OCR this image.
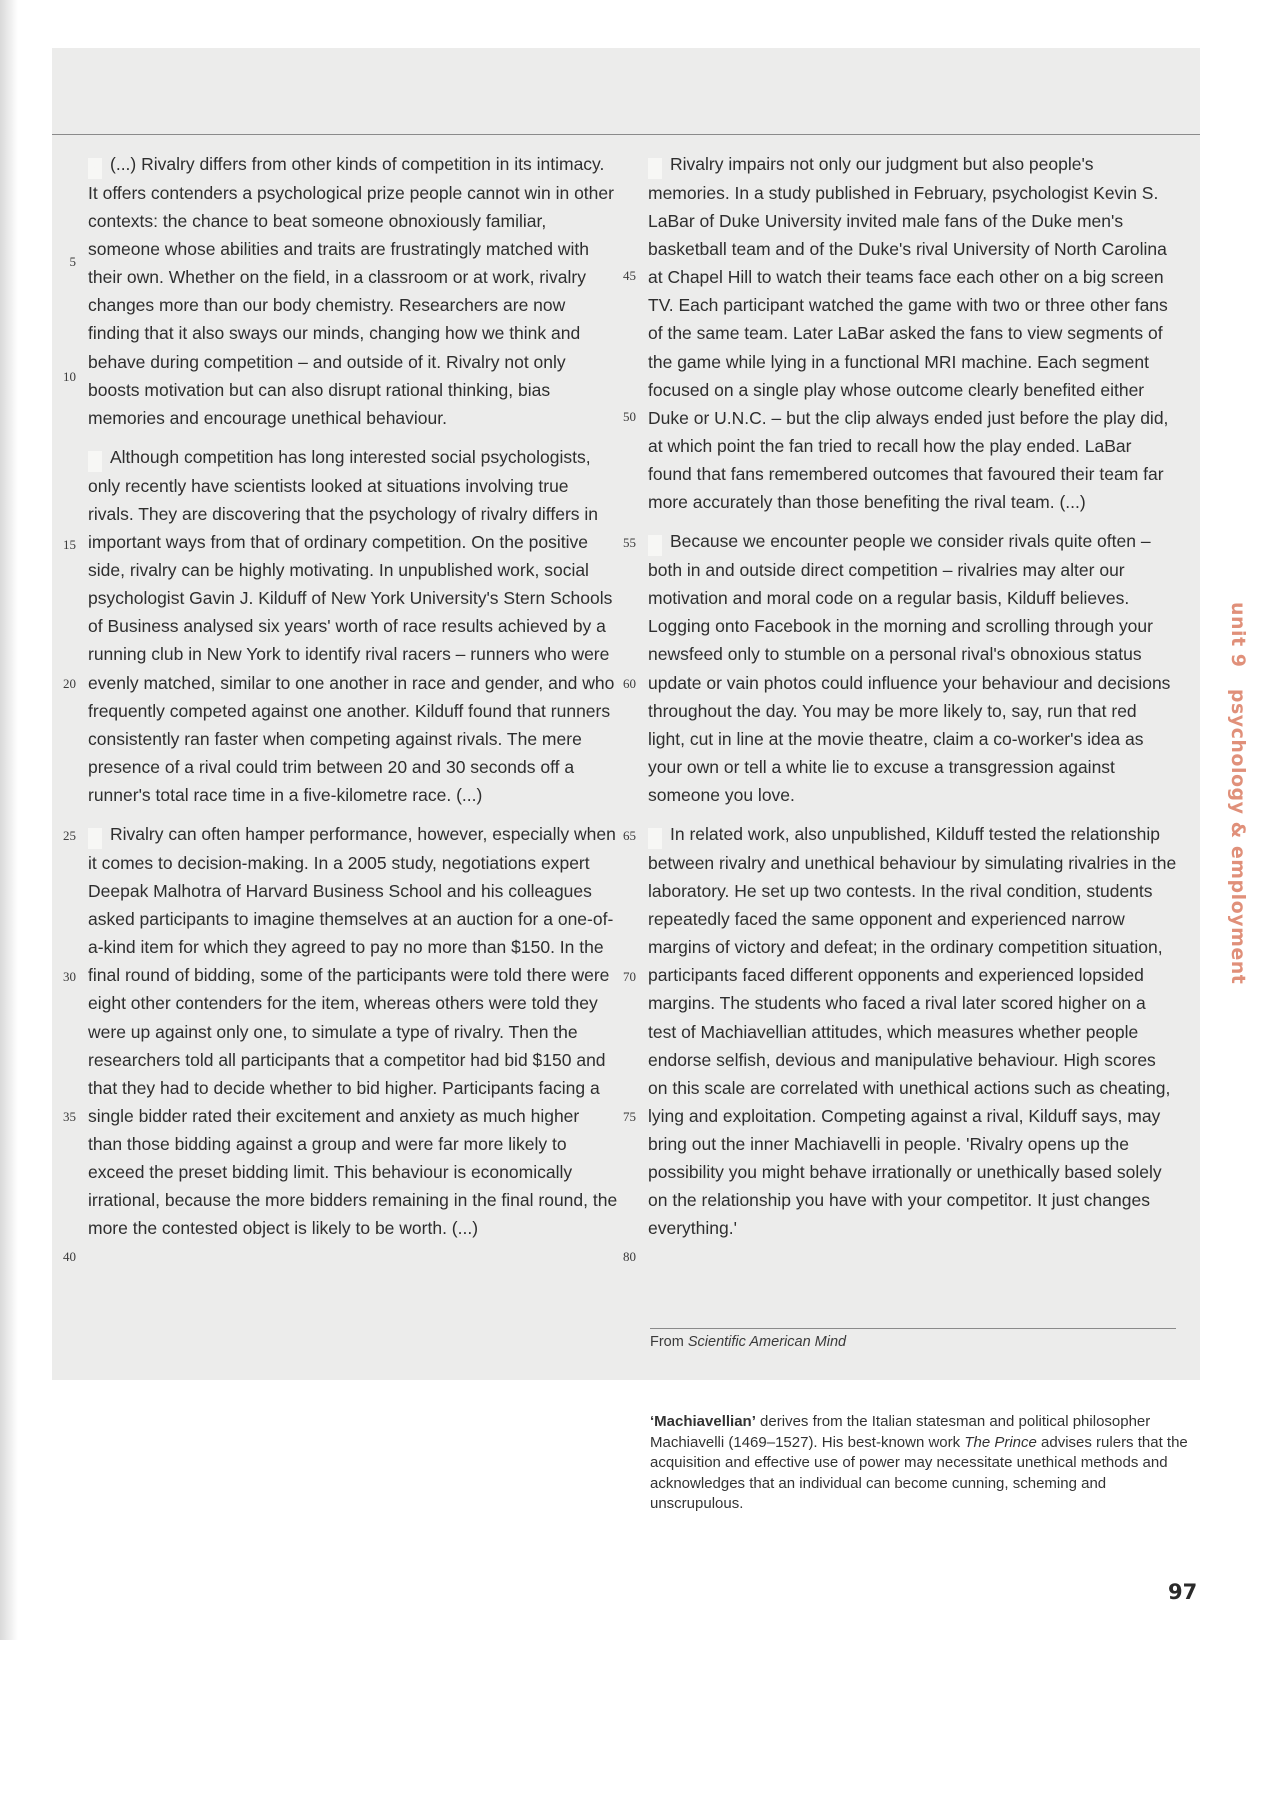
A (...) Rivalry differs from other kinds of competition in its intimacy. It offers contenders a psychological prize people cannot win in other contexts: the chance to beat someone obnoxiously familiar, someone whose abilities and traits are frustratingly matched with their own. Whether on the field, in a classroom or at work, rivalry changes more than our body chemistry. Researchers are now finding that it also sways our minds, changing how we think and behave during competition – and outside of it. Rivalry not only boosts motivation but can also disrupt rational thinking, bias memories and encourage unethical behaviour.
5
10

B Although competition has long interested social psychologists, only recently have scientists looked at situations involving true rivals. They are discovering that the psychology of rivalry differs in important ways from that of ordinary competition. On the positive side, rivalry can be highly motivating. In unpublished work, social psychologist Gavin J. Kilduff of New York University's Stern Schools of Business analysed six years' worth of race results achieved by a running club in New York to identify rival racers – runners who were evenly matched, similar to one another in race and gender, and who frequently competed against one another. Kilduff found that runners consistently ran faster when competing against rivals. The mere presence of a rival could trim between 20 and 30 seconds off a runner's total race time in a five-kilometre race. (...)
15
20

C Rivalry can often hamper performance, however, especially when it comes to decision-making. In a 2005 study, negotiations expert Deepak Malhotra of Harvard Business School and his colleagues asked participants to imagine themselves at an auction for a one-of-a-kind item for which they agreed to pay no more than $150. In the final round of bidding, some of the participants were told there were eight other contenders for the item, whereas others were told they were up against only one, to simulate a type of rivalry. Then the researchers told all participants that a competitor had bid $150 and that they had to decide whether to bid higher. Participants facing a single bidder rated their excitement and anxiety as much higher than those bidding against a group and were far more likely to exceed the preset bidding limit. This behaviour is economically irrational, because the more bidders remaining in the final round, the more the contested object is likely to be worth. (...)
25
30
35
40

D Rivalry impairs not only our judgment but also people's memories. In a study published in February, psychologist Kevin S. LaBar of Duke University invited male fans of the Duke men's basketball team and of the Duke's rival University of North Carolina at Chapel Hill to watch their teams face each other on a big screen TV. Each participant watched the game with two or three other fans of the same team. Later LaBar asked the fans to view segments of the game while lying in a functional MRI machine. Each segment focused on a single play whose outcome clearly benefited either Duke or U.N.C. – but the clip always ended just before the play did, at which point the fan tried to recall how the play ended. LaBar found that fans remembered outcomes that favoured their team far more accurately than those benefiting the rival team. (...)
45
50

E Because we encounter people we consider rivals quite often – both in and outside direct competition – rivalries may alter our motivation and moral code on a regular basis, Kilduff believes. Logging onto Facebook in the morning and scrolling through your newsfeed only to stumble on a personal rival's obnoxious status update or vain photos could influence your behaviour and decisions throughout the day. You may be more likely to, say, run that red light, cut in line at the movie theatre, claim a co-worker's idea as your own or tell a white lie to excuse a transgression against someone you love.
55
60

F In related work, also unpublished, Kilduff tested the relationship between rivalry and unethical behaviour by simulating rivalries in the laboratory. He set up two contests. In the rival condition, students repeatedly faced the same opponent and experienced narrow margins of victory and defeat; in the ordinary competition situation, participants faced different opponents and experienced lopsided margins. The students who faced a rival later scored higher on a test of Machiavellian attitudes, which measures whether people endorse selfish, devious and manipulative behaviour. High scores on this scale are correlated with unethical actions such as cheating, lying and exploitation. Competing against a rival, Kilduff says, may bring out the inner Machiavelli in people. 'Rivalry opens up the possibility you might behave irrationally or unethically based solely on the relationship you have with your competitor. It just changes everything.'
65
70
75
80

From Scientific American Mind
unit 9   psychology & employment
‘Machiavellian’ derives from the Italian statesman and political philosopher Machiavelli (1469–1527). His best-known work The Prince advises rulers that the acquisition and effective use of power may necessitate unethical methods and acknowledges that an individual can become cunning, scheming and unscrupulous.
97
